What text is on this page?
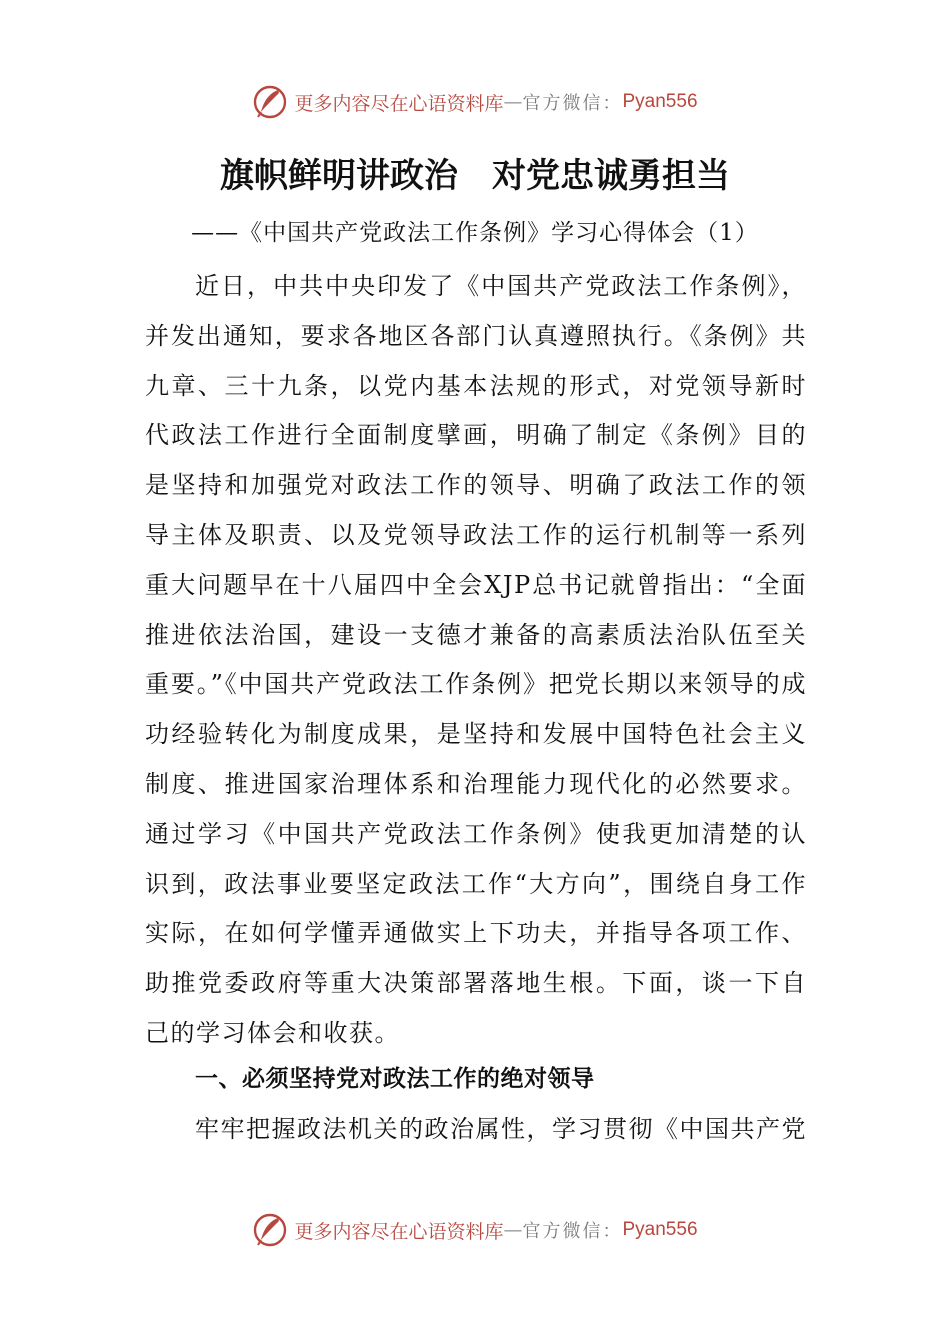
更多内容尽在心语资料库 — 官方微信： Pyan556
旗帜鲜明讲政治 对党忠诚勇担当

——《中国共产党政法工作条例》学习心得体会（1）

近日，中共中央印发了《中国共产党政法工作条例》，并发出通知，要求各地区各部门认真遵照执行。《条例》共九章、三十九条，以党内基本法规的形式，对党领导新时代政法工作进行全面制度擘画，明确了制定《条例》目的是坚持和加强党对政法工作的领导、明确了政法工作的领导主体及职责、以及党领导政法工作的运行机制等一系列重大问题早在十八届四中全会XJP总书记就曾指出：“全面推进依法治国，建设一支德才兼备的高素质法治队伍至关重要。”《中国共产党政法工作条例》把党长期以来领导的成功经验转化为制度成果，是坚持和发展中国特色社会主义制度、推进国家治理体系和治理能力现代化的必然要求。通过学习《中国共产党政法工作条例》使我更加清楚的认识到，政法事业要坚定政法工作“大方向”，围绕自身工作实际，在如何学懂弄通做实上下功夫，并指导各项工作、助推党委政府等重大决策部署落地生根。下面，谈一下自己的学习体会和收获。

一、必须坚持党对政法工作的绝对领导

牢牢把握政法机关的政治属性，学习贯彻《中国共产党

更多内容尽在心语资料库 — 官方微信： Pyan556
